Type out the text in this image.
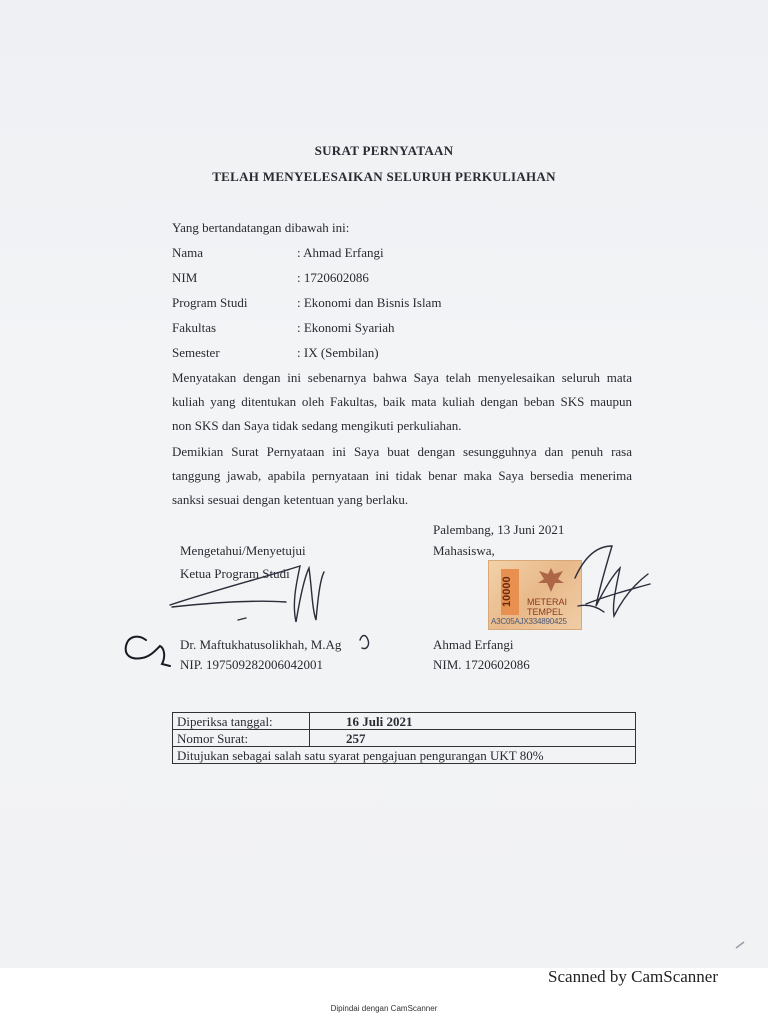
SURAT PERNYATAAN
TELAH MENYELESAIKAN SELURUH PERKULIAHAN
Yang bertandatangan dibawah ini:
Nama	: Ahmad Erfangi
NIM	: 1720602086
Program Studi	: Ekonomi dan Bisnis Islam
Fakultas	: Ekonomi Syariah
Semester	: IX (Sembilan)
Menyatakan dengan ini sebenarnya bahwa Saya telah menyelesaikan seluruh mata
kuliah yang ditentukan oleh Fakultas, baik mata kuliah dengan beban SKS maupun
non SKS dan Saya tidak sedang mengikuti perkuliahan.
Demikian Surat Pernyataan ini Saya buat dengan sesungguhnya dan penuh rasa
tanggung jawab, apabila pernyataan ini tidak benar maka Saya bersedia menerima
sanksi sesuai dengan ketentuan yang berlaku.
Palembang, 13 Juni 2021
Mengetahui/Menyetujui
Ketua Program Studi
Dr. Maftukhatusolikhah, M.Ag
NIP. 197509282006042001
Mahasiswa,
Ahmad Erfangi
NIM. 1720602086
10000	METERAI TEMPEL
A3C05AJX334890425
Diperiksa tanggal:	16 Juli 2021
Nomor Surat:	257
Ditujukan sebagai salah satu syarat pengajuan pengurangan UKT 80%	
Scanned by CamScanner
Dipindai dengan CamScanner
